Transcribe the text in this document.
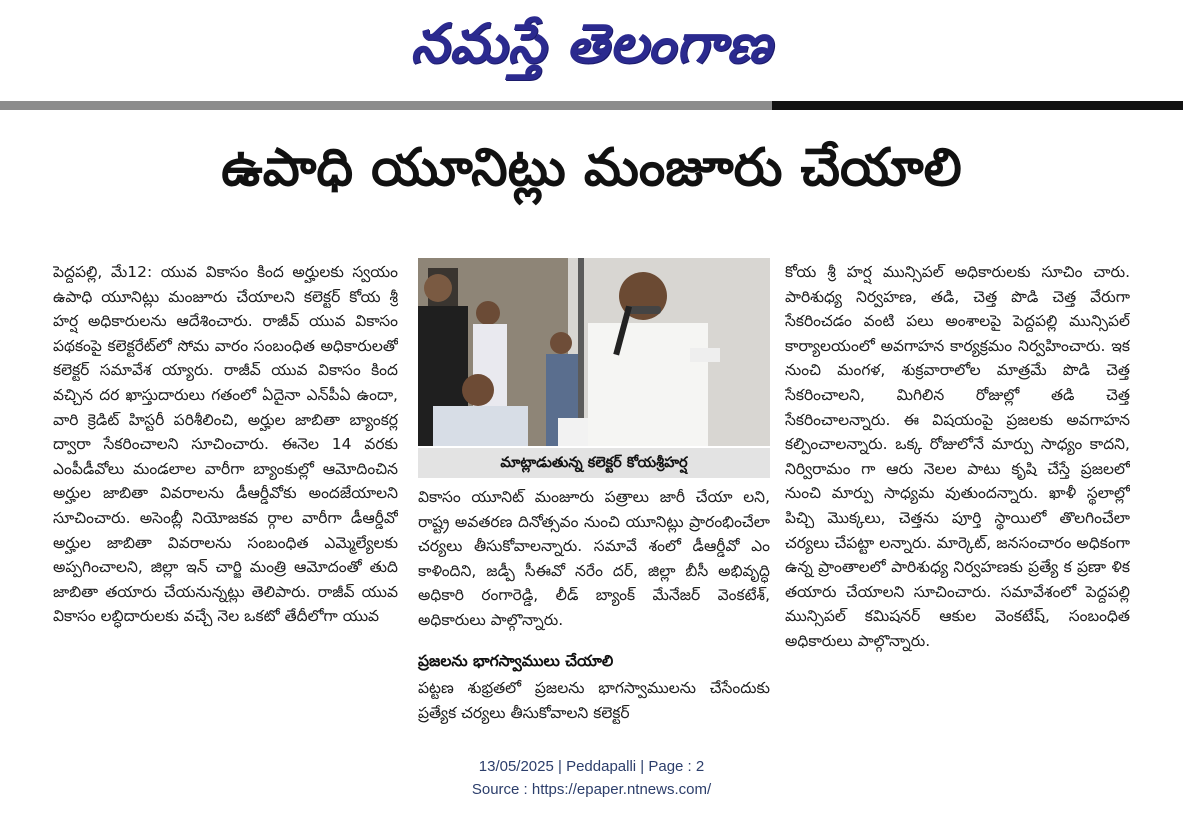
నమస్తే తెలంగాణ
ఉపాధి యూనిట్లు మంజూరు చేయాలి

పెద్దపల్లి, మే12: యువ వికాసం కింద అర్హులకు స్వయం ఉపాధి యూనిట్లు మంజూరు చేయాలని కలెక్టర్ కోయ శ్రీ హర్ష అధికారులను ఆదేశించారు. రాజీవ్ యువ వికాసం పథకంపై కలెక్టరేట్‌లో సోమ వారం సంబంధిత అధికారులతో కలెక్టర్ సమావేశ య్యారు. రాజీవ్ యువ వికాసం కింద వచ్చిన దర ఖాస్తుదారులు గతంలో ఏదైనా ఎన్‌పీఏ ఉందా, వారి క్రెడిట్ హిస్టరీ పరిశీలించి, అర్హుల జాబితా బ్యాంకర్ల ద్వారా సేకరించాలని సూచించారు. ఈనెల 14 వరకు ఎంపీడీవోలు మండలాల వారీగా బ్యాంకుల్లో ఆమోదించిన అర్హుల జాబితా వివరాలను డీఆర్డీవోకు అందజేయాలని సూచించారు. అసెంబ్లీ నియోజకవ ర్గాల వారీగా డీఆర్డీవో అర్హుల జాబితా వివరాలను సంబంధిత ఎమ్మెల్యేలకు అప్పగించాలని, జిల్లా ఇన్ చార్జి మంత్రి ఆమోదంతో తుది జాబితా తయారు చేయనున్నట్లు తెలిపారు. రాజీవ్ యువ వికాసం లబ్ధిదారులకు వచ్చే నెల ఒకటో తేదీలోగా యువ

మాట్లాడుతున్న కలెక్టర్ కోయశ్రీహర్ష

వికాసం యూనిట్ మంజూరు పత్రాలు జారీ చేయా లని, రాష్ట్ర అవతరణ దినోత్సవం నుంచి యూనిట్లు ప్రారంభించేలా చర్యలు తీసుకోవాలన్నారు. సమావే శంలో డీఆర్డీవో ఎం కాళిందిని, జడ్పీ సీఈవో నరేం దర్, జిల్లా బీసీ అభివృద్ధి అధికారి రంగారెడ్డి, లీడ్ బ్యాంక్ మేనేజర్ వెంకటేశ్, అధికారులు పాల్గొన్నారు.

ప్రజలను భాగస్వాములు చేయాలి

పట్టణ శుభ్రతలో ప్రజలను భాగస్వాములను చేసేందుకు ప్రత్యేక చర్యలు తీసుకోవాలని కలెక్టర్

కోయ శ్రీ హర్ష మున్సిపల్ అధికారులకు సూచిం చారు. పారిశుధ్య నిర్వహణ, తడి, చెత్త పొడి చెత్త వేరుగా సేకరించడం వంటి పలు అంశాలపై పెద్దపల్లి మున్సిపల్ కార్యాలయంలో అవగాహన కార్యక్రమం నిర్వహించారు. ఇక నుంచి మంగళ, శుక్రవారాలోల మాత్రమే పొడి చెత్త సేకరించాలని, మిగిలిన రోజుల్లో తడి చెత్త సేకరించాలన్నారు. ఈ విషయంపై ప్రజలకు అవగాహన కల్పించాలన్నారు. ఒక్క రోజులోనే మార్పు సాధ్యం కాదని, నిర్విరామం గా ఆరు నెలల పాటు కృషి చేస్తే ప్రజలలో నుంచి మార్పు సాధ్యమ వుతుందన్నారు. ఖాళీ స్థలాల్లో పిచ్చి మొక్కలు, చెత్తను పూర్తి స్థాయిలో తొలగించేలా చర్యలు చేపట్టా లన్నారు. మార్కెట్, జనసంచారం అధికంగా ఉన్న ప్రాంతాలలో పారిశుధ్య నిర్వహణకు ప్రత్యే క ప్రణా ళిక తయారు చేయాలని సూచించారు. సమావేశంలో పెద్దపల్లి మున్సిపల్ కమిషనర్ ఆకుల వెంకటేష్, సంబంధిత అధికారులు పాల్గొన్నారు.

13/05/2025 | Peddapalli | Page : 2
Source : https://epaper.ntnews.com/
